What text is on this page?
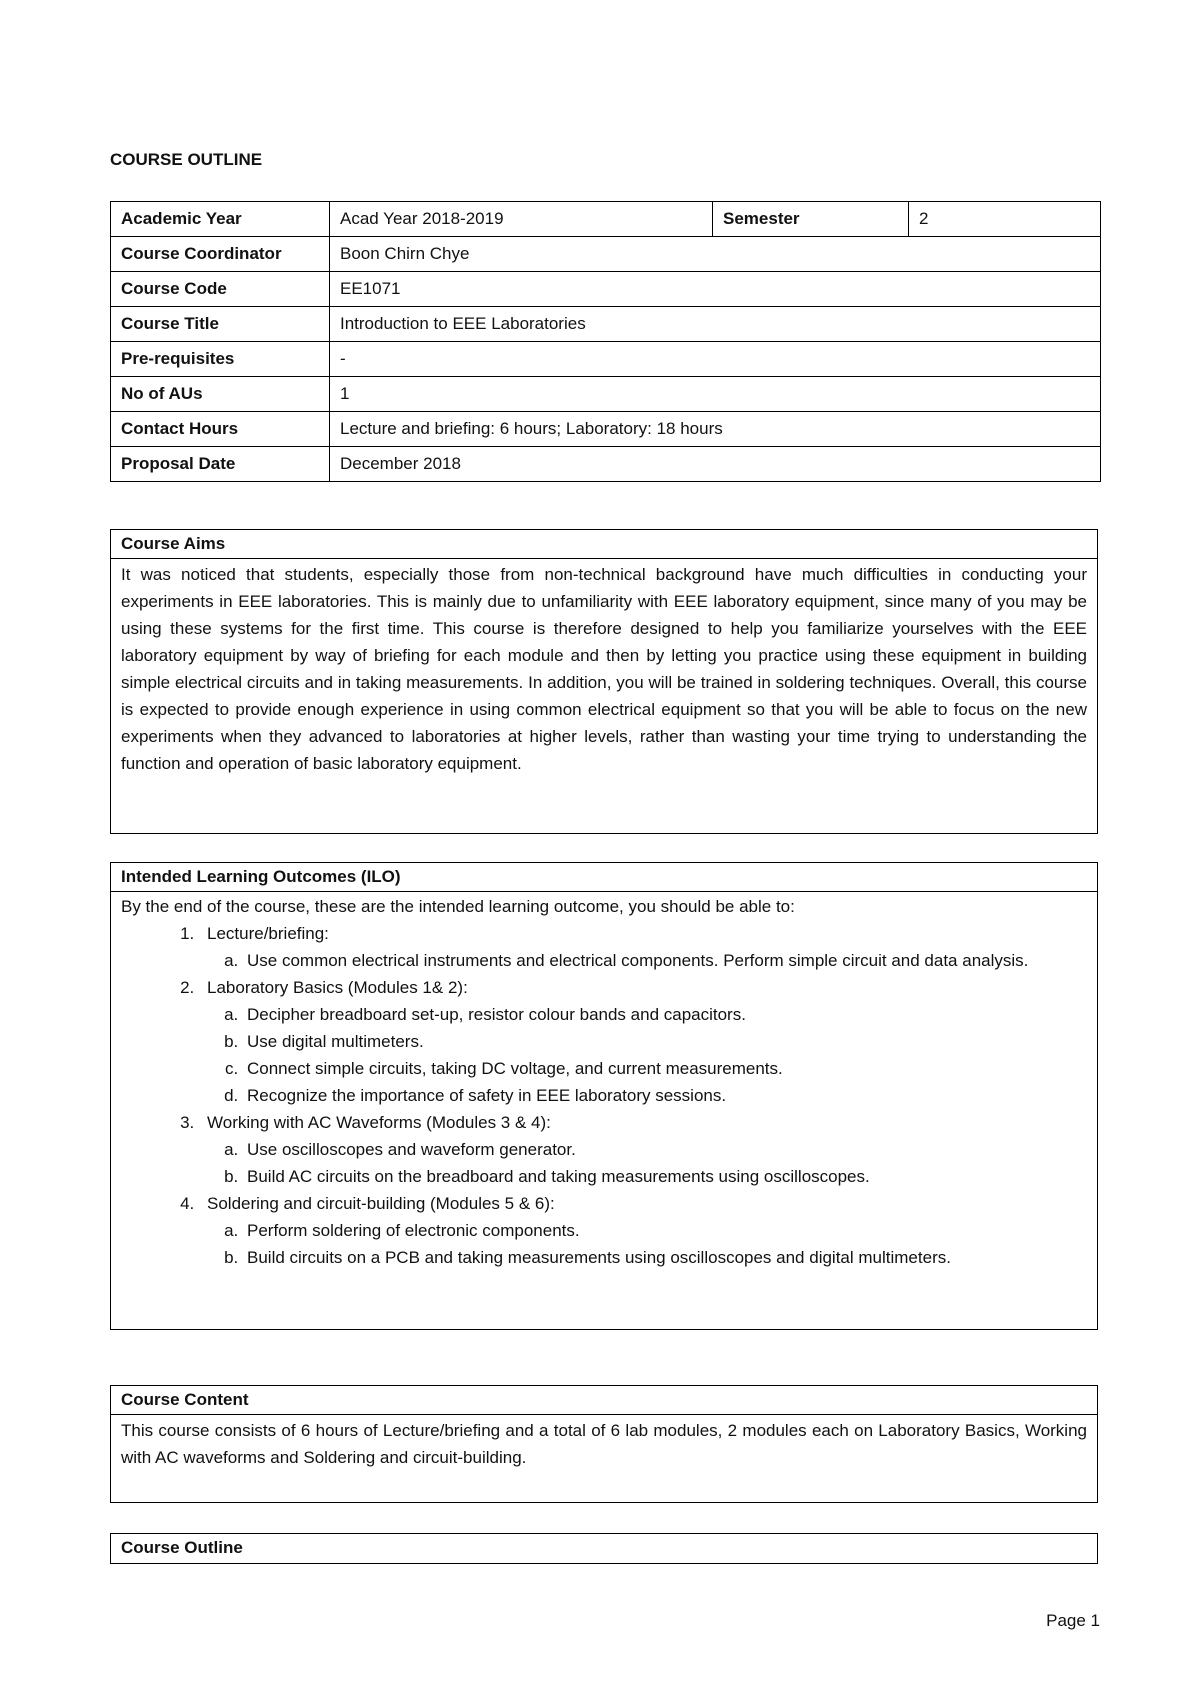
COURSE OUTLINE
Academic Year	Acad Year 2018-2019	Semester	2
Course Coordinator	Boon Chirn Chye		
Course Code	EE1071		
Course Title	Introduction to EEE Laboratories		
Pre-requisites	-		
No of AUs	1		
Contact Hours	Lecture and briefing: 6 hours; Laboratory: 18 hours		
Proposal Date	December 2018		
Course Aims
It was noticed that students, especially those from non-technical background have much difficulties in conducting your experiments in EEE laboratories. This is mainly due to unfamiliarity with EEE laboratory equipment, since many of you may be using these systems for the first time. This course is therefore designed to help you familiarize yourselves with the EEE laboratory equipment by way of briefing for each module and then by letting you practice using these equipment in building simple electrical circuits and in taking measurements. In addition, you will be trained in soldering techniques. Overall, this course is expected to provide enough experience in using common electrical equipment so that you will be able to focus on the new experiments when they advanced to laboratories at higher levels, rather than wasting your time trying to understanding the function and operation of basic laboratory equipment.
Intended Learning Outcomes (ILO)
By the end of the course, these are the intended learning outcome, you should be able to:
1. Lecture/briefing:
a. Use common electrical instruments and electrical components. Perform simple circuit and data analysis.
2. Laboratory Basics (Modules 1& 2):
a. Decipher breadboard set-up, resistor colour bands and capacitors.
b. Use digital multimeters.
c. Connect simple circuits, taking DC voltage, and current measurements.
d. Recognize the importance of safety in EEE laboratory sessions.
3. Working with AC Waveforms (Modules 3 & 4):
a. Use oscilloscopes and waveform generator.
b. Build AC circuits on the breadboard and taking measurements using oscilloscopes.
4. Soldering and circuit-building (Modules 5 & 6):
a. Perform soldering of electronic components.
b. Build circuits on a PCB and taking measurements using oscilloscopes and digital multimeters.
Course Content
This course consists of 6 hours of Lecture/briefing and a total of 6 lab modules, 2 modules each on Laboratory Basics, Working with AC waveforms and Soldering and circuit-building.
Course Outline
Page 1
